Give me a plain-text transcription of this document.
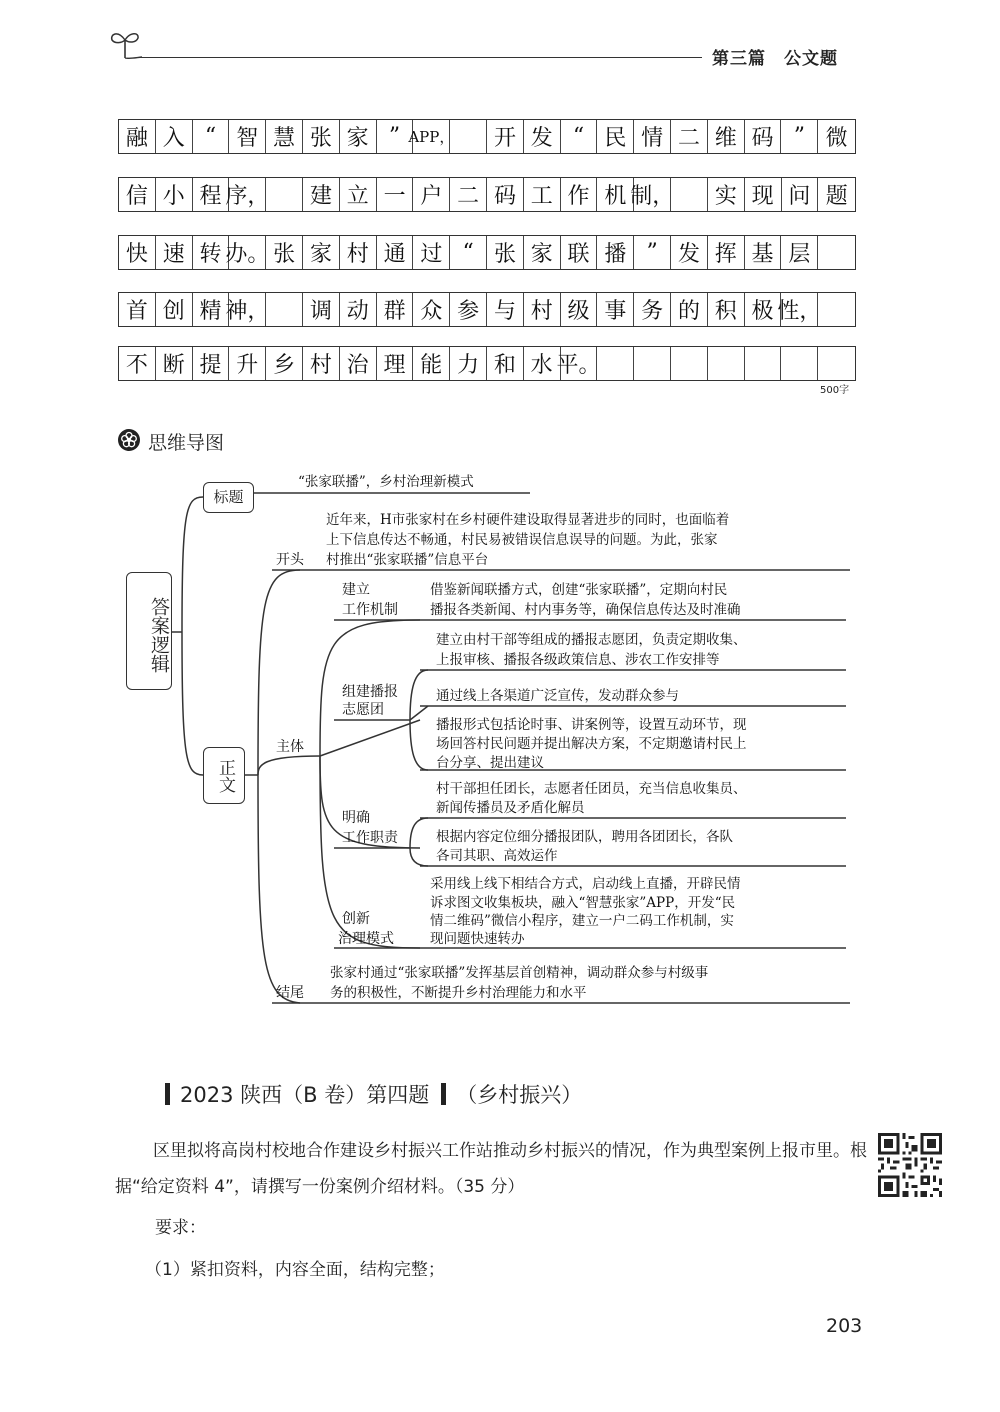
第三篇　公文题
融 入 “ 智 慧 张 家 ” APP，	开 发 “ 民 情 二 维 码 ” 微
信 小 程 序，	建 立 一 户 二 码 工 作 机 制，	实 现 问 题
快 速 转 办。 张 家 村 通 过 “ 张 家 联 播 ” 发 挥 基 层
首 创 精 神，	调 动 群 众 参 与 村 级 事 务 的 积 极 性，
不 断 提 升 乡 村 治 理 能 力 和 水 平。
500字
思维导图
答案逻辑
标题
“张家联播”，乡村治理新模式
正文
开头
近年来，H市张家村在乡村硬件建设取得显著进步的同时，也面临着
上下信息传达不畅通，村民易被错误信息误导的问题。为此，张家
村推出“张家联播”信息平台
主体
建立
工作机制
借鉴新闻联播方式，创建“张家联播”，定期向村民
播报各类新闻、村内事务等，确保信息传达及时准确
组建播报
志愿团
建立由村干部等组成的播报志愿团，负责定期收集、
上报审核、播报各级政策信息、涉农工作安排等
通过线上各渠道广泛宣传，发动群众参与
播报形式包括论时事、讲案例等，设置互动环节，现
场回答村民问题并提出解决方案，不定期邀请村民上
台分享、提出建议
明确
工作职责
村干部担任团长，志愿者任团员，充当信息收集员、
新闻传播员及矛盾化解员
根据内容定位细分播报团队，聘用各团团长，各队
各司其职、高效运作
创新
治理模式
采用线上线下相结合方式，启动线上直播，开辟民情
诉求图文收集板块，融入“智慧张家”APP，开发“民
情二维码”微信小程序，建立一户二码工作机制，实
现问题快速转办
结尾
张家村通过“张家联播”发挥基层首创精神，调动群众参与村级事
务的积极性，不断提升乡村治理能力和水平
2023 陕西（B 卷）第四题 （乡村振兴）
区里拟将高岗村校地合作建设乡村振兴工作站推动乡村振兴的情况，作为典型案例上报市里。根据“给定资料 4”，请撰写一份案例介绍材料。（35 分）
要求：
（1）紧扣资料，内容全面，结构完整；
203
